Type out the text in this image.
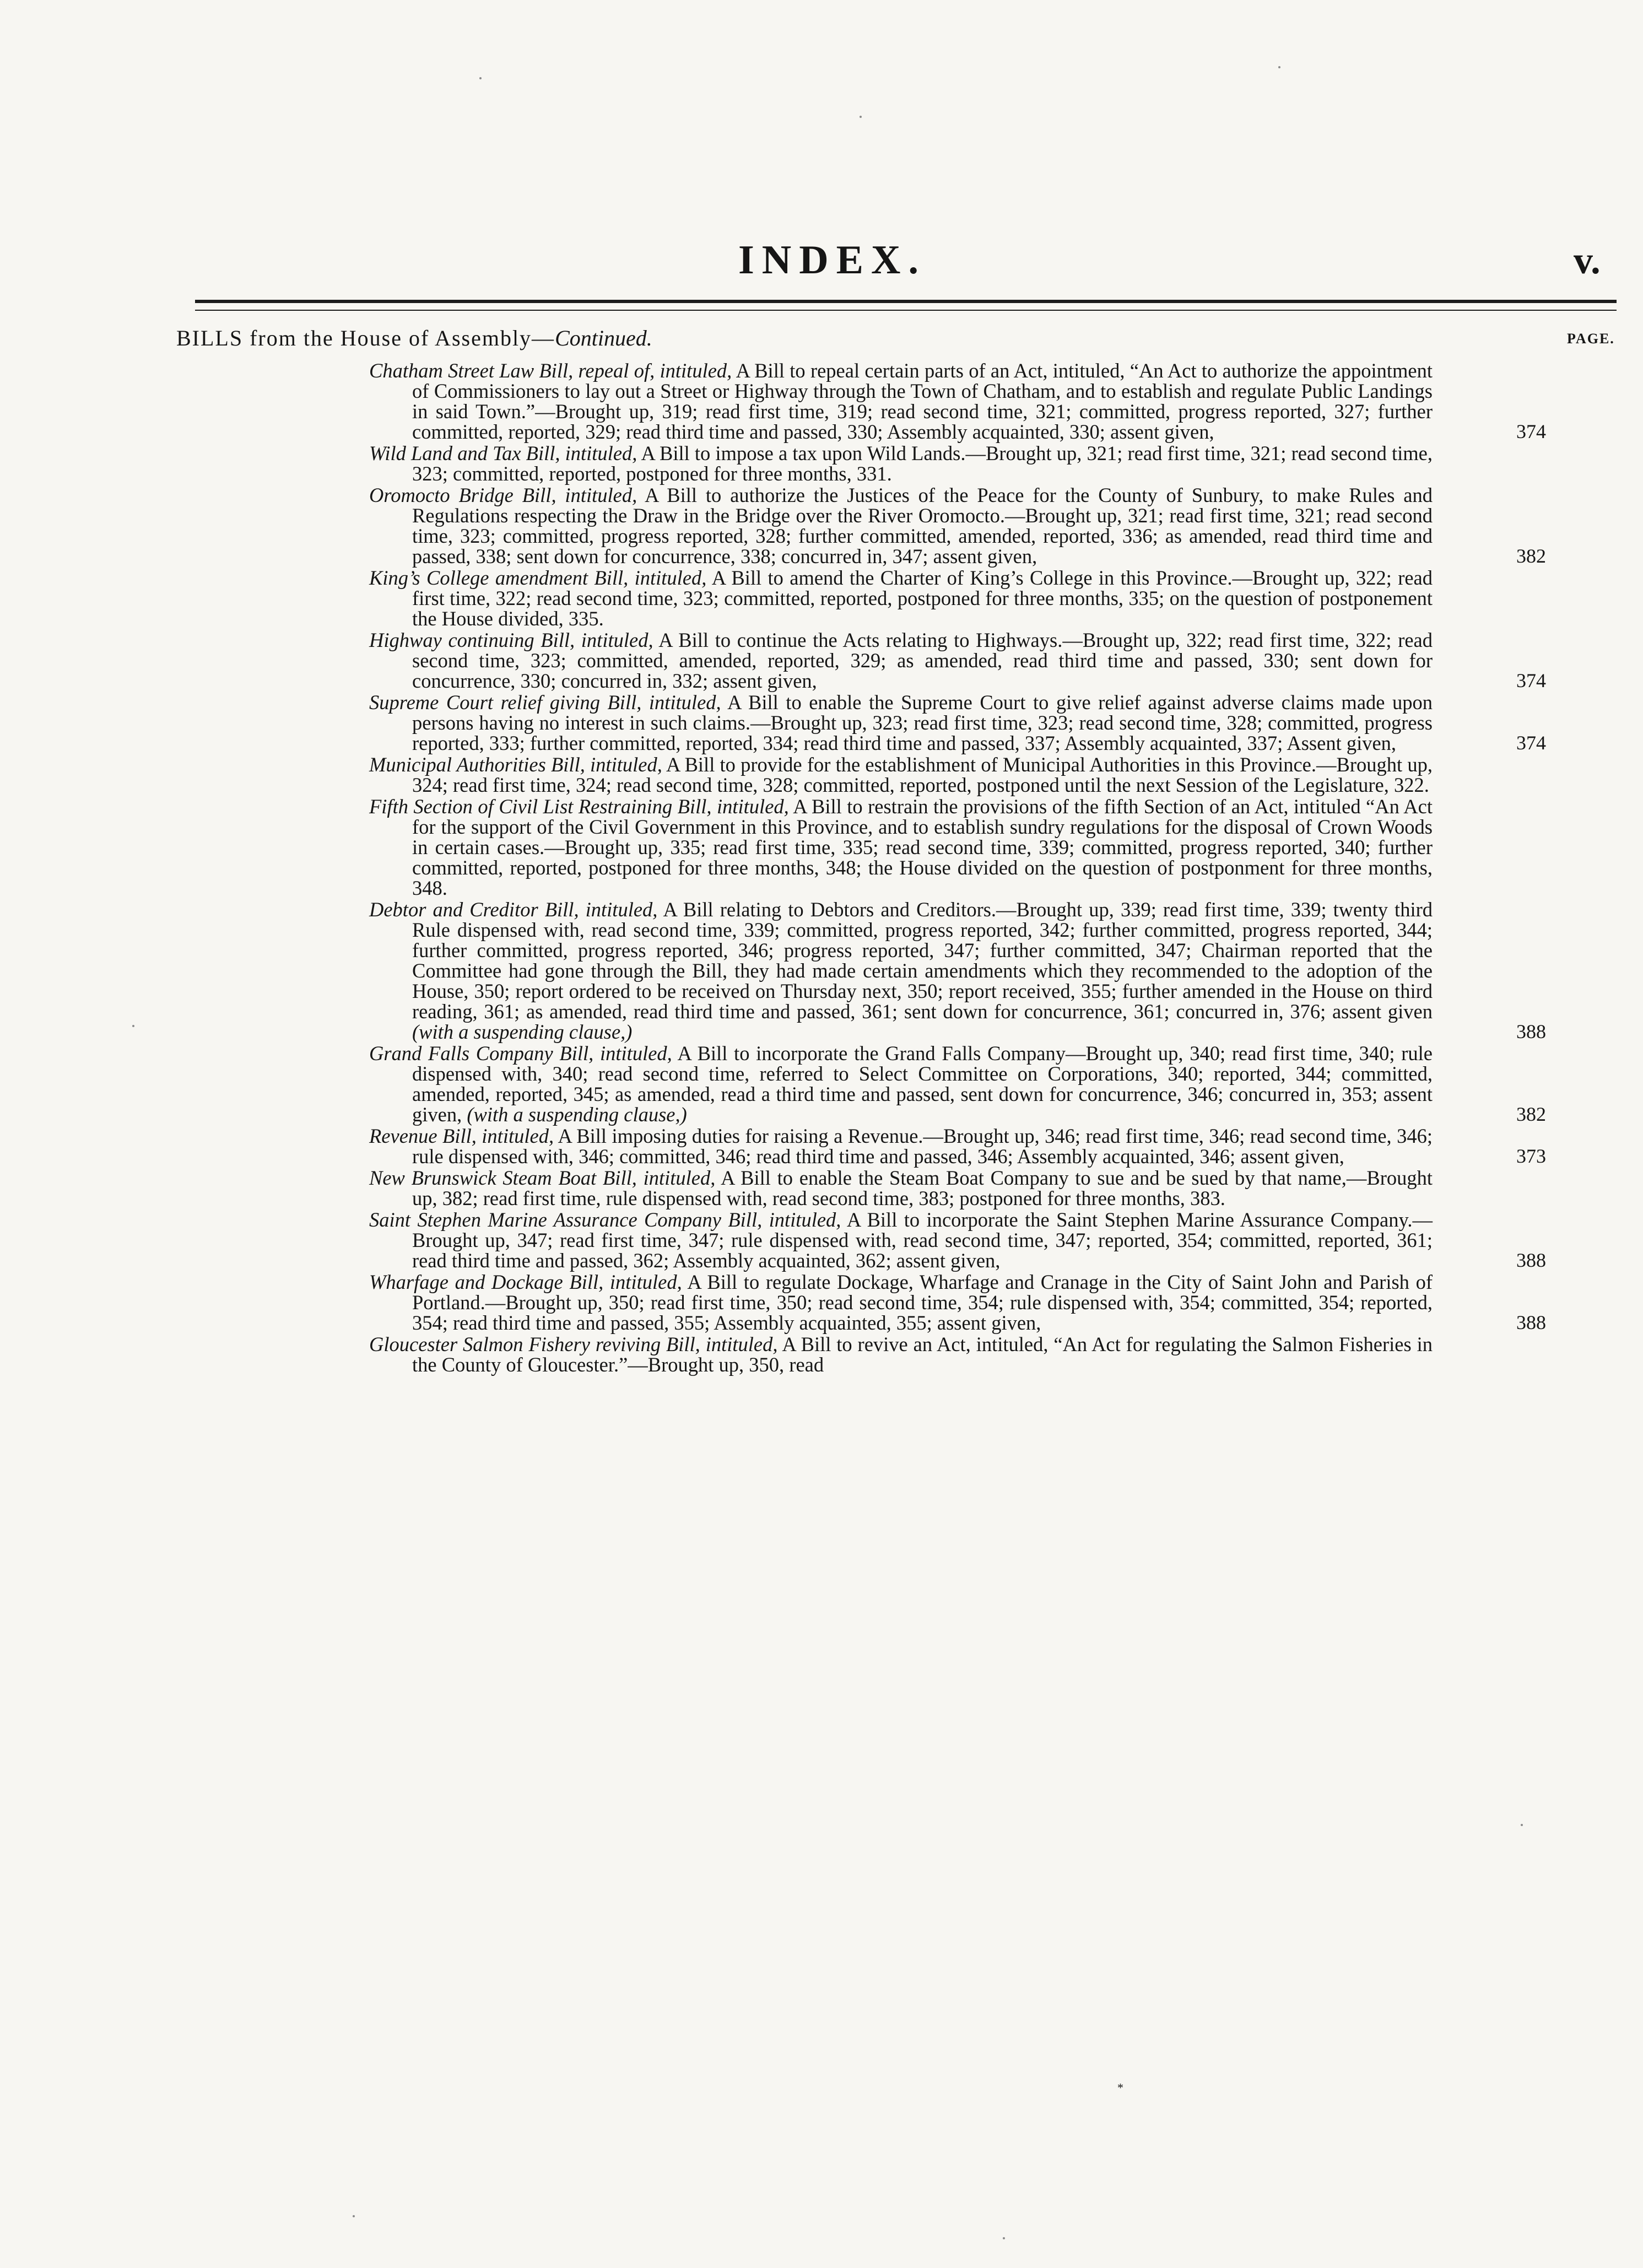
INDEX.	v.
BILLS from the House of Assembly—Continued.	PAGE.
Chatham Street Law Bill, repeal of, intituled, A Bill to repeal certain parts of an Act, intituled, “An Act to authorize the appointment of Commissioners to lay out a Street or Highway through the Town of Chatham, and to establish and regulate Public Landings in said Town.”—Brought up, 319; read first time, 319; read second time, 321; committed, progress reported, 327; further committed, reported, 329; read third time and passed, 330; Assembly acquainted, 330; assent given,	374
Wild Land and Tax Bill, intituled, A Bill to impose a tax upon Wild Lands.—Brought up, 321; read first time, 321; read second time, 323; committed, reported, postponed for three months, 331.
Oromocto Bridge Bill, intituled, A Bill to authorize the Justices of the Peace for the County of Sunbury, to make Rules and Regulations respecting the Draw in the Bridge over the River Oromocto.—Brought up, 321; read first time, 321; read second time, 323; committed, progress reported, 328; further committed, amended, reported, 336; as amended, read third time and passed, 338; sent down for concurrence, 338; concurred in, 347; assent given,	382
King’s College amendment Bill, intituled, A Bill to amend the Charter of King’s College in this Province.—Brought up, 322; read first time, 322; read second time, 323; committed, reported, postponed for three months, 335; on the question of postponement the House divided, 335.
Highway continuing Bill, intituled, A Bill to continue the Acts relating to Highways.—Brought up, 322; read first time, 322; read second time, 323; committed, amended, reported, 329; as amended, read third time and passed, 330; sent down for concurrence, 330; concurred in, 332; assent given,	374
Supreme Court relief giving Bill, intituled, A Bill to enable the Supreme Court to give relief against adverse claims made upon persons having no interest in such claims.—Brought up, 323; read first time, 323; read second time, 328; committed, progress reported, 333; further committed, reported, 334; read third time and passed, 337; Assembly acquainted, 337; Assent given,	374
Municipal Authorities Bill, intituled, A Bill to provide for the establishment of Municipal Authorities in this Province.—Brought up, 324; read first time, 324; read second time, 328; committed, reported, postponed until the next Session of the Legislature, 322.
Fifth Section of Civil List Restraining Bill, intituled, A Bill to restrain the provisions of the fifth Section of an Act, intituled “An Act for the support of the Civil Government in this Province, and to establish sundry regulations for the disposal of Crown Woods in certain cases.—Brought up, 335; read first time, 335; read second time, 339; committed, progress reported, 340; further committed, reported, postponed for three months, 348; the House divided on the question of postponment for three months, 348.
Debtor and Creditor Bill, intituled, A Bill relating to Debtors and Creditors.—Brought up, 339; read first time, 339; twenty third Rule dispensed with, read second time, 339; committed, progress reported, 342; further committed, progress reported, 344; further committed, progress reported, 346; progress reported, 347; further committed, 347; Chairman reported that the Committee had gone through the Bill, they had made certain amendments which they recommended to the adoption of the House, 350; report ordered to be received on Thursday next, 350; report received, 355; further amended in the House on third reading, 361; as amended, read third time and passed, 361; sent down for concurrence, 361; concurred in, 376; assent given (with a suspending clause,)	388
Grand Falls Company Bill, intituled, A Bill to incorporate the Grand Falls Company—Brought up, 340; read first time, 340; rule dispensed with, 340; read second time, referred to Select Committee on Corporations, 340; reported, 344; committed, amended, reported, 345; as amended, read a third time and passed, sent down for concurrence, 346; concurred in, 353; assent given, (with a suspending clause,)	382
Revenue Bill, intituled, A Bill imposing duties for raising a Revenue.—Brought up, 346; read first time, 346; read second time, 346; rule dispensed with, 346; committed, 346; read third time and passed, 346; Assembly acquainted, 346; assent given,	373
New Brunswick Steam Boat Bill, intituled, A Bill to enable the Steam Boat Company to sue and be sued by that name,—Brought up, 382; read first time, rule dispensed with, read second time, 383; postponed for three months, 383.
Saint Stephen Marine Assurance Company Bill, intituled, A Bill to incorporate the Saint Stephen Marine Assurance Company.—Brought up, 347; read first time, 347; rule dispensed with, read second time, 347; reported, 354; committed, reported, 361; read third time and passed, 362; Assembly acquainted, 362; assent given,	388
Wharfage and Dockage Bill, intituled, A Bill to regulate Dockage, Wharfage and Cranage in the City of Saint John and Parish of Portland.—Brought up, 350; read first time, 350; read second time, 354; rule dispensed with, 354; committed, 354; reported, 354; read third time and passed, 355; Assembly acquainted, 355; assent given,	388
Gloucester Salmon Fishery reviving Bill, intituled, A Bill to revive an Act, intituled, “An Act for regulating the Salmon Fisheries in the County of Gloucester.”—Brought up, 350, read
*
